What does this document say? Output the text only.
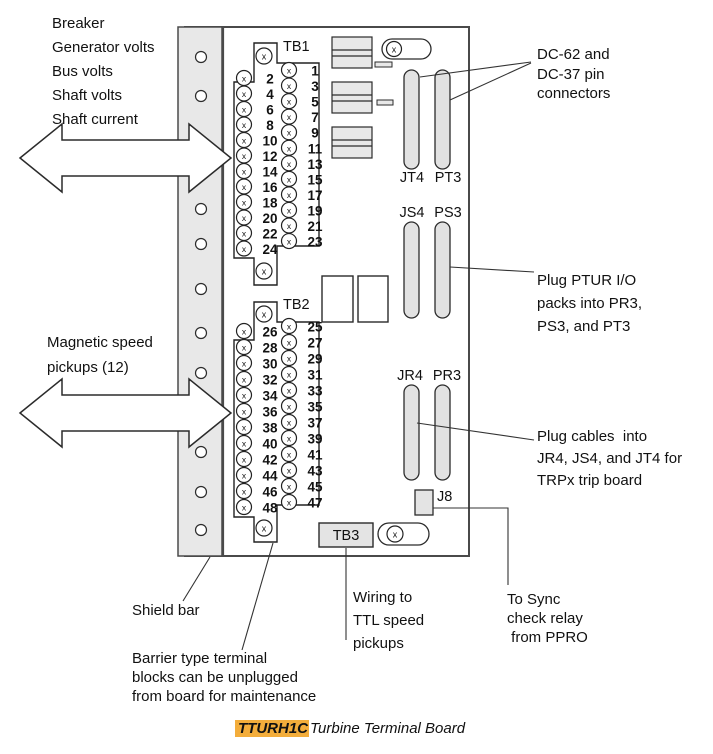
x 1
x 3
x 5
x 7
x 9
x 11
x 13
x 15
x 17
x 19
x 21
x 23
x 2
x 4
x 6
x 8
x 10
x 12
x 14
x 16
x 18
x 20
x 22
x 24
x 25
x 27
x 29
x 31
x 33
x 35
x 37
x 39
x 41
x 43
x 45
x 47
x 26
x 28
x 30
x 32
x 34
x 36
x 38
x 40
x 42
x 44
x 46
x 48
x
x
x
x
x
x
TB1
TB2
JT4 PT3
JS4 PS3
JR4 PR3
J8
TB3
Breaker
Generator volts
Bus volts
Shaft volts
Shaft current
Magnetic speed
pickups (12)
DC-62 and
DC-37 pin
connectors
Plug PTUR I/O
packs into PR3,
PS3, and PT3
Plug cables  into
JR4, JS4, and JT4 for
TRPx trip board
Wiring to
TTL speed
pickups
To Sync
check relay
from PPRO
Shield bar
Barrier type terminal
blocks can be unplugged
from board for maintenance
TTURH1C Turbine Terminal Board
